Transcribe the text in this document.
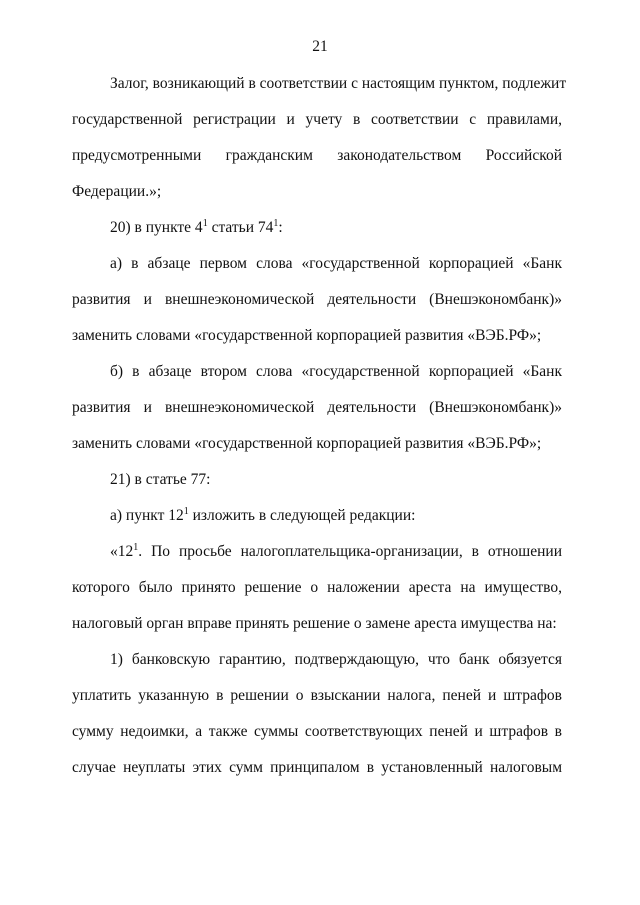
21
Залог, возникающий в соответствии с настоящим пунктом, подлежит
государственной регистрации и учету в соответствии с правилами,
предусмотренными гражданским законодательством Российской
Федерации.»;
20) в пункте $4^1$ статьи $74^1$:
а) в абзаце первом слова «государственной корпорацией «Банк
развития и внешнеэкономической деятельности (Внешэкономбанк)»
заменить словами «государственной корпорацией развития «ВЭБ.РФ»;
б) в абзаце втором слова «государственной корпорацией «Банк
развития и внешнеэкономической деятельности (Внешэкономбанк)»
заменить словами «государственной корпорацией развития «ВЭБ.РФ»;
21) в статье 77:
а) пункт $12^1$ изложить в следующей редакции:
«$12^1$. По просьбе налогоплательщика-организации, в отношении
которого было принято решение о наложении ареста на имущество,
налоговый орган вправе принять решение о замене ареста имущества на:
1) банковскую гарантию, подтверждающую, что банк обязуется
уплатить указанную в решении о взыскании налога, пеней и штрафов
сумму недоимки, а также суммы соответствующих пеней и штрафов в
случае неуплаты этих сумм принципалом в установленный налоговым
